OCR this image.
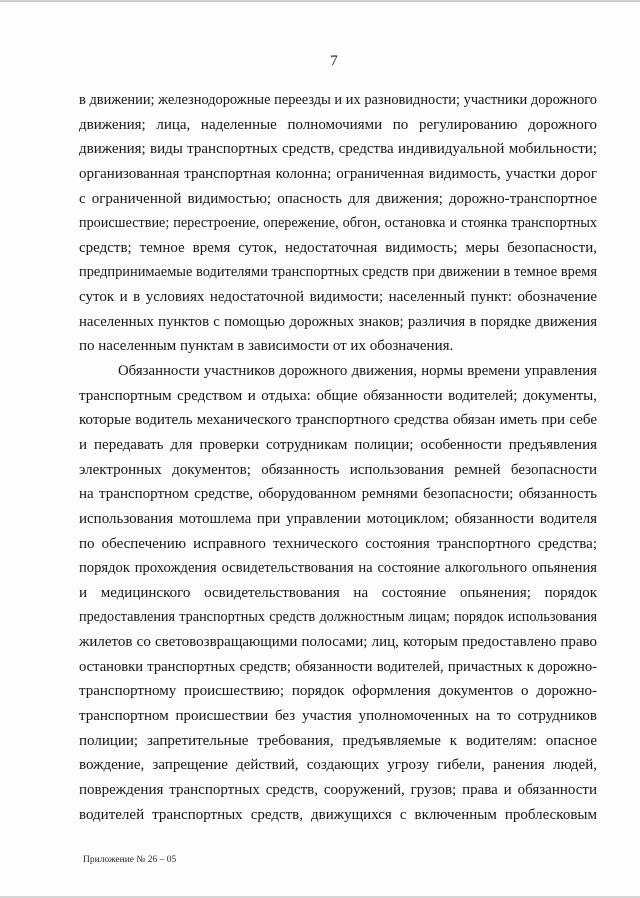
7
в движении; железнодорожные переезды и их разновидности; участники дорожного
движения; лица, наделенные полномочиями по регулированию дорожного
движения; виды транспортных средств, средства индивидуальной мобильности;
организованная транспортная колонна; ограниченная видимость, участки дорог
с ограниченной видимостью; опасность для движения; дорожно-транспортное
происшествие; перестроение, опережение, обгон, остановка и стоянка транспортных
средств; темное время суток, недостаточная видимость; меры безопасности,
предпринимаемые водителями транспортных средств при движении в темное время
суток и в условиях недостаточной видимости; населенный пункт: обозначение
населенных пунктов с помощью дорожных знаков; различия в порядке движения
по населенным пунктам в зависимости от их обозначения.
Обязанности участников дорожного движения, нормы времени управления
транспортным средством и отдыха: общие обязанности водителей; документы,
которые водитель механического транспортного средства обязан иметь при себе
и передавать для проверки сотрудникам полиции; особенности предъявления
электронных документов; обязанность использования ремней безопасности
на транспортном средстве, оборудованном ремнями безопасности; обязанность
использования мотошлема при управлении мотоциклом; обязанности водителя
по обеспечению исправного технического состояния транспортного средства;
порядок прохождения освидетельствования на состояние алкогольного опьянения
и медицинского освидетельствования на состояние опьянения; порядок
предоставления транспортных средств должностным лицам; порядок использования
жилетов со световозвращающими полосами; лиц, которым предоставлено право
остановки транспортных средств; обязанности водителей, причастных к дорожно-
транспортному происшествию; порядок оформления документов о дорожно-
транспортном происшествии без участия уполномоченных на то сотрудников
полиции; запретительные требования, предъявляемые к водителям: опасное
вождение, запрещение действий, создающих угрозу гибели, ранения людей,
повреждения транспортных средств, сооружений, грузов; права и обязанности
водителей транспортных средств, движущихся с включенным проблесковым
Приложение № 26 – 05
